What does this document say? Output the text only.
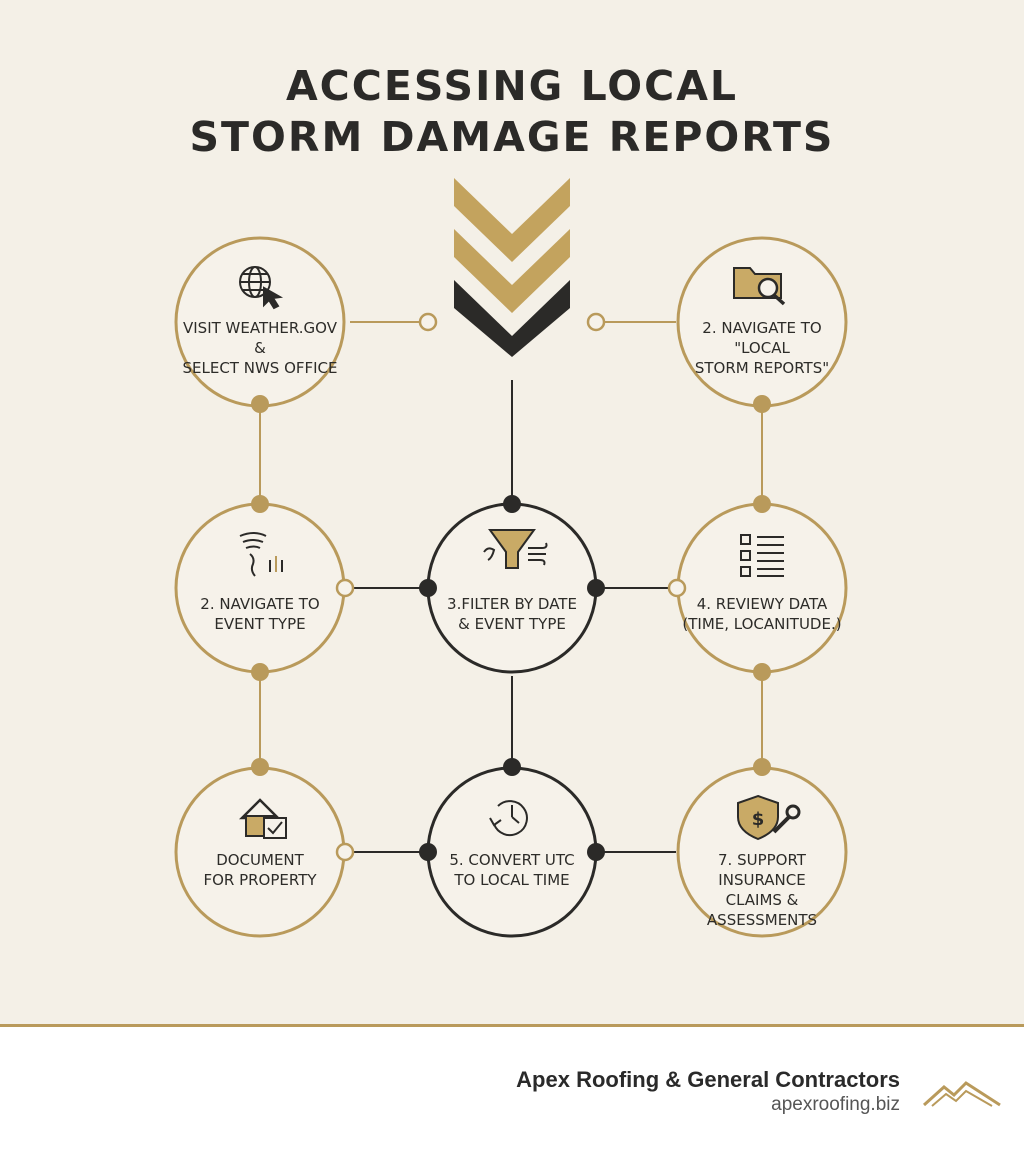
$
ACCESSING LOCAL
STORM DAMAGE REPORTS
VISIT WEATHER.GOV &
SELECT NWS OFFICE
2. NAVIGATE TO "LOCAL
STORM REPORTS"
2. NAVIGATE TO
EVENT TYPE
3.FILTER BY DATE
& EVENT TYPE
4. REVIEWY DATA
(TIME, LOCANITUDE.)
DOCUMENT
FOR PROPERTY
5. CONVERT UTC
TO LOCAL TIME
7. SUPPORT INSURANCE
CLAIMS &
ASSESSMENTS
Apex Roofing & General Contractors
apexroofing.biz
